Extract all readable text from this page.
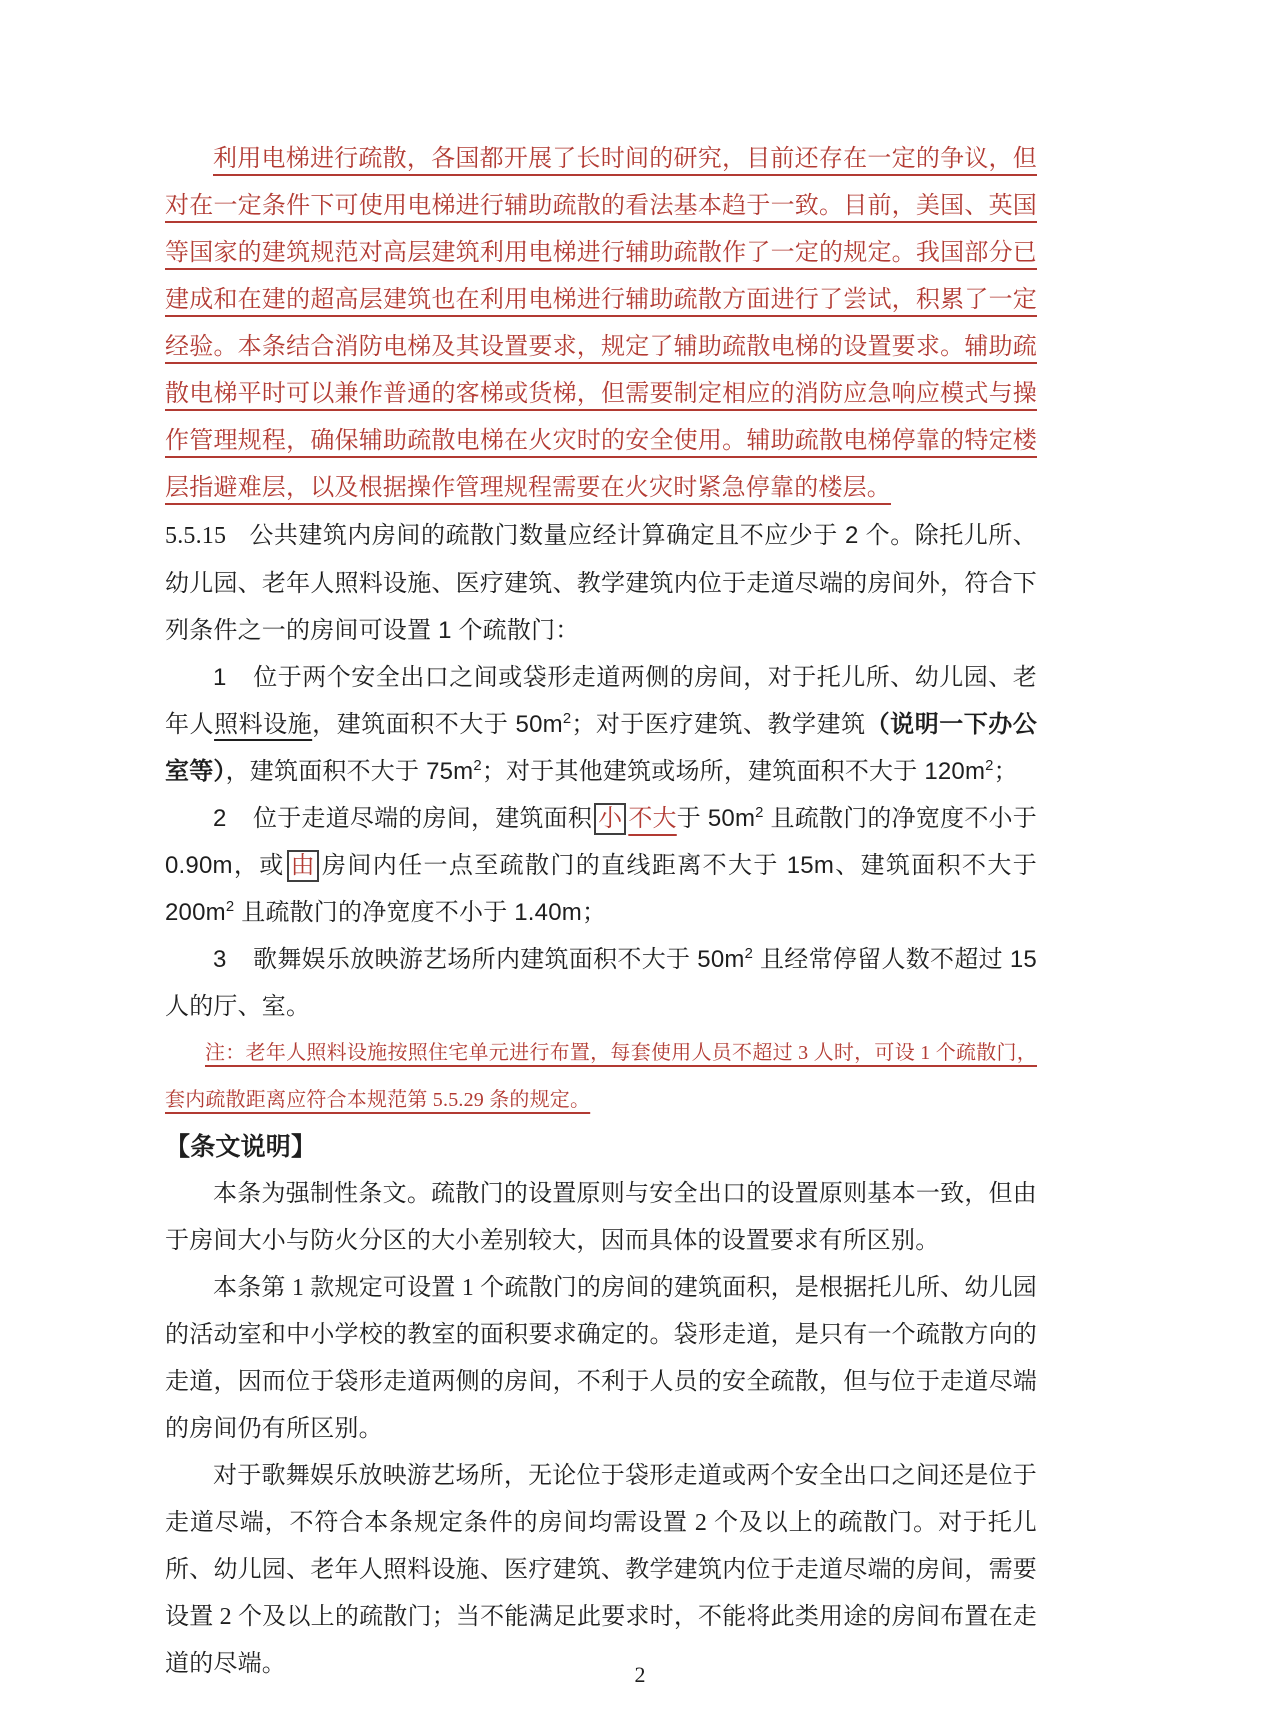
利用电梯进行疏散，各国都开展了长时间的研究，目前还存在一定的争议，但对在一定条件下可使用电梯进行辅助疏散的看法基本趋于一致。目前，美国、英国等国家的建筑规范对高层建筑利用电梯进行辅助疏散作了一定的规定。我国部分已建成和在建的超高层建筑也在利用电梯进行辅助疏散方面进行了尝试，积累了一定经验。本条结合消防电梯及其设置要求，规定了辅助疏散电梯的设置要求。辅助疏散电梯平时可以兼作普通的客梯或货梯，但需要制定相应的消防应急响应模式与操作管理规程，确保辅助疏散电梯在火灾时的安全使用。辅助疏散电梯停靠的特定楼层指避难层，以及根据操作管理规程需要在火灾时紧急停靠的楼层。

5.5.15 公共建筑内房间的疏散门数量应经计算确定且不应少于 2 个。除托儿所、幼儿园、老年人照料设施、医疗建筑、教学建筑内位于走道尽端的房间外，符合下列条件之一的房间可设置 1 个疏散门：

1 位于两个安全出口之间或袋形走道两侧的房间，对于托儿所、幼儿园、老年人照料设施，建筑面积不大于 $50m^2$；对于医疗建筑、教学建筑（说明一下办公室等），建筑面积不大于 $75m^2$；对于其他建筑或场所，建筑面积不大于 $120m^2$；

2 位于走道尽端的房间，建筑面积 小 不大于 $50m^2$ 且疏散门的净宽度不小于 0.90m，或 由 房间内任一点至疏散门的直线距离不大于 15m、建筑面积不大于 $200m^2$ 且疏散门的净宽度不小于 1.40m；

3 歌舞娱乐放映游艺场所内建筑面积不大于 $50m^2$ 且经常停留人数不超过 15 人的厅、室。

注：老年人照料设施按照住宅单元进行布置，每套使用人员不超过 3 人时，可设 1 个疏散门，套内疏散距离应符合本规范第 5.5.29 条的规定。

【条文说明】

本条为强制性条文。疏散门的设置原则与安全出口的设置原则基本一致，但由于房间大小与防火分区的大小差别较大，因而具体的设置要求有所区别。

本条第 1 款规定可设置 1 个疏散门的房间的建筑面积，是根据托儿所、幼儿园的活动室和中小学校的教室的面积要求确定的。袋形走道，是只有一个疏散方向的走道，因而位于袋形走道两侧的房间，不利于人员的安全疏散，但与位于走道尽端的房间仍有所区别。

对于歌舞娱乐放映游艺场所，无论位于袋形走道或两个安全出口之间还是位于走道尽端，不符合本条规定条件的房间均需设置 2 个及以上的疏散门。对于托儿所、幼儿园、老年人照料设施、医疗建筑、教学建筑内位于走道尽端的房间，需要设置 2 个及以上的疏散门；当不能满足此要求时，不能将此类用途的房间布置在走道的尽端。	2
